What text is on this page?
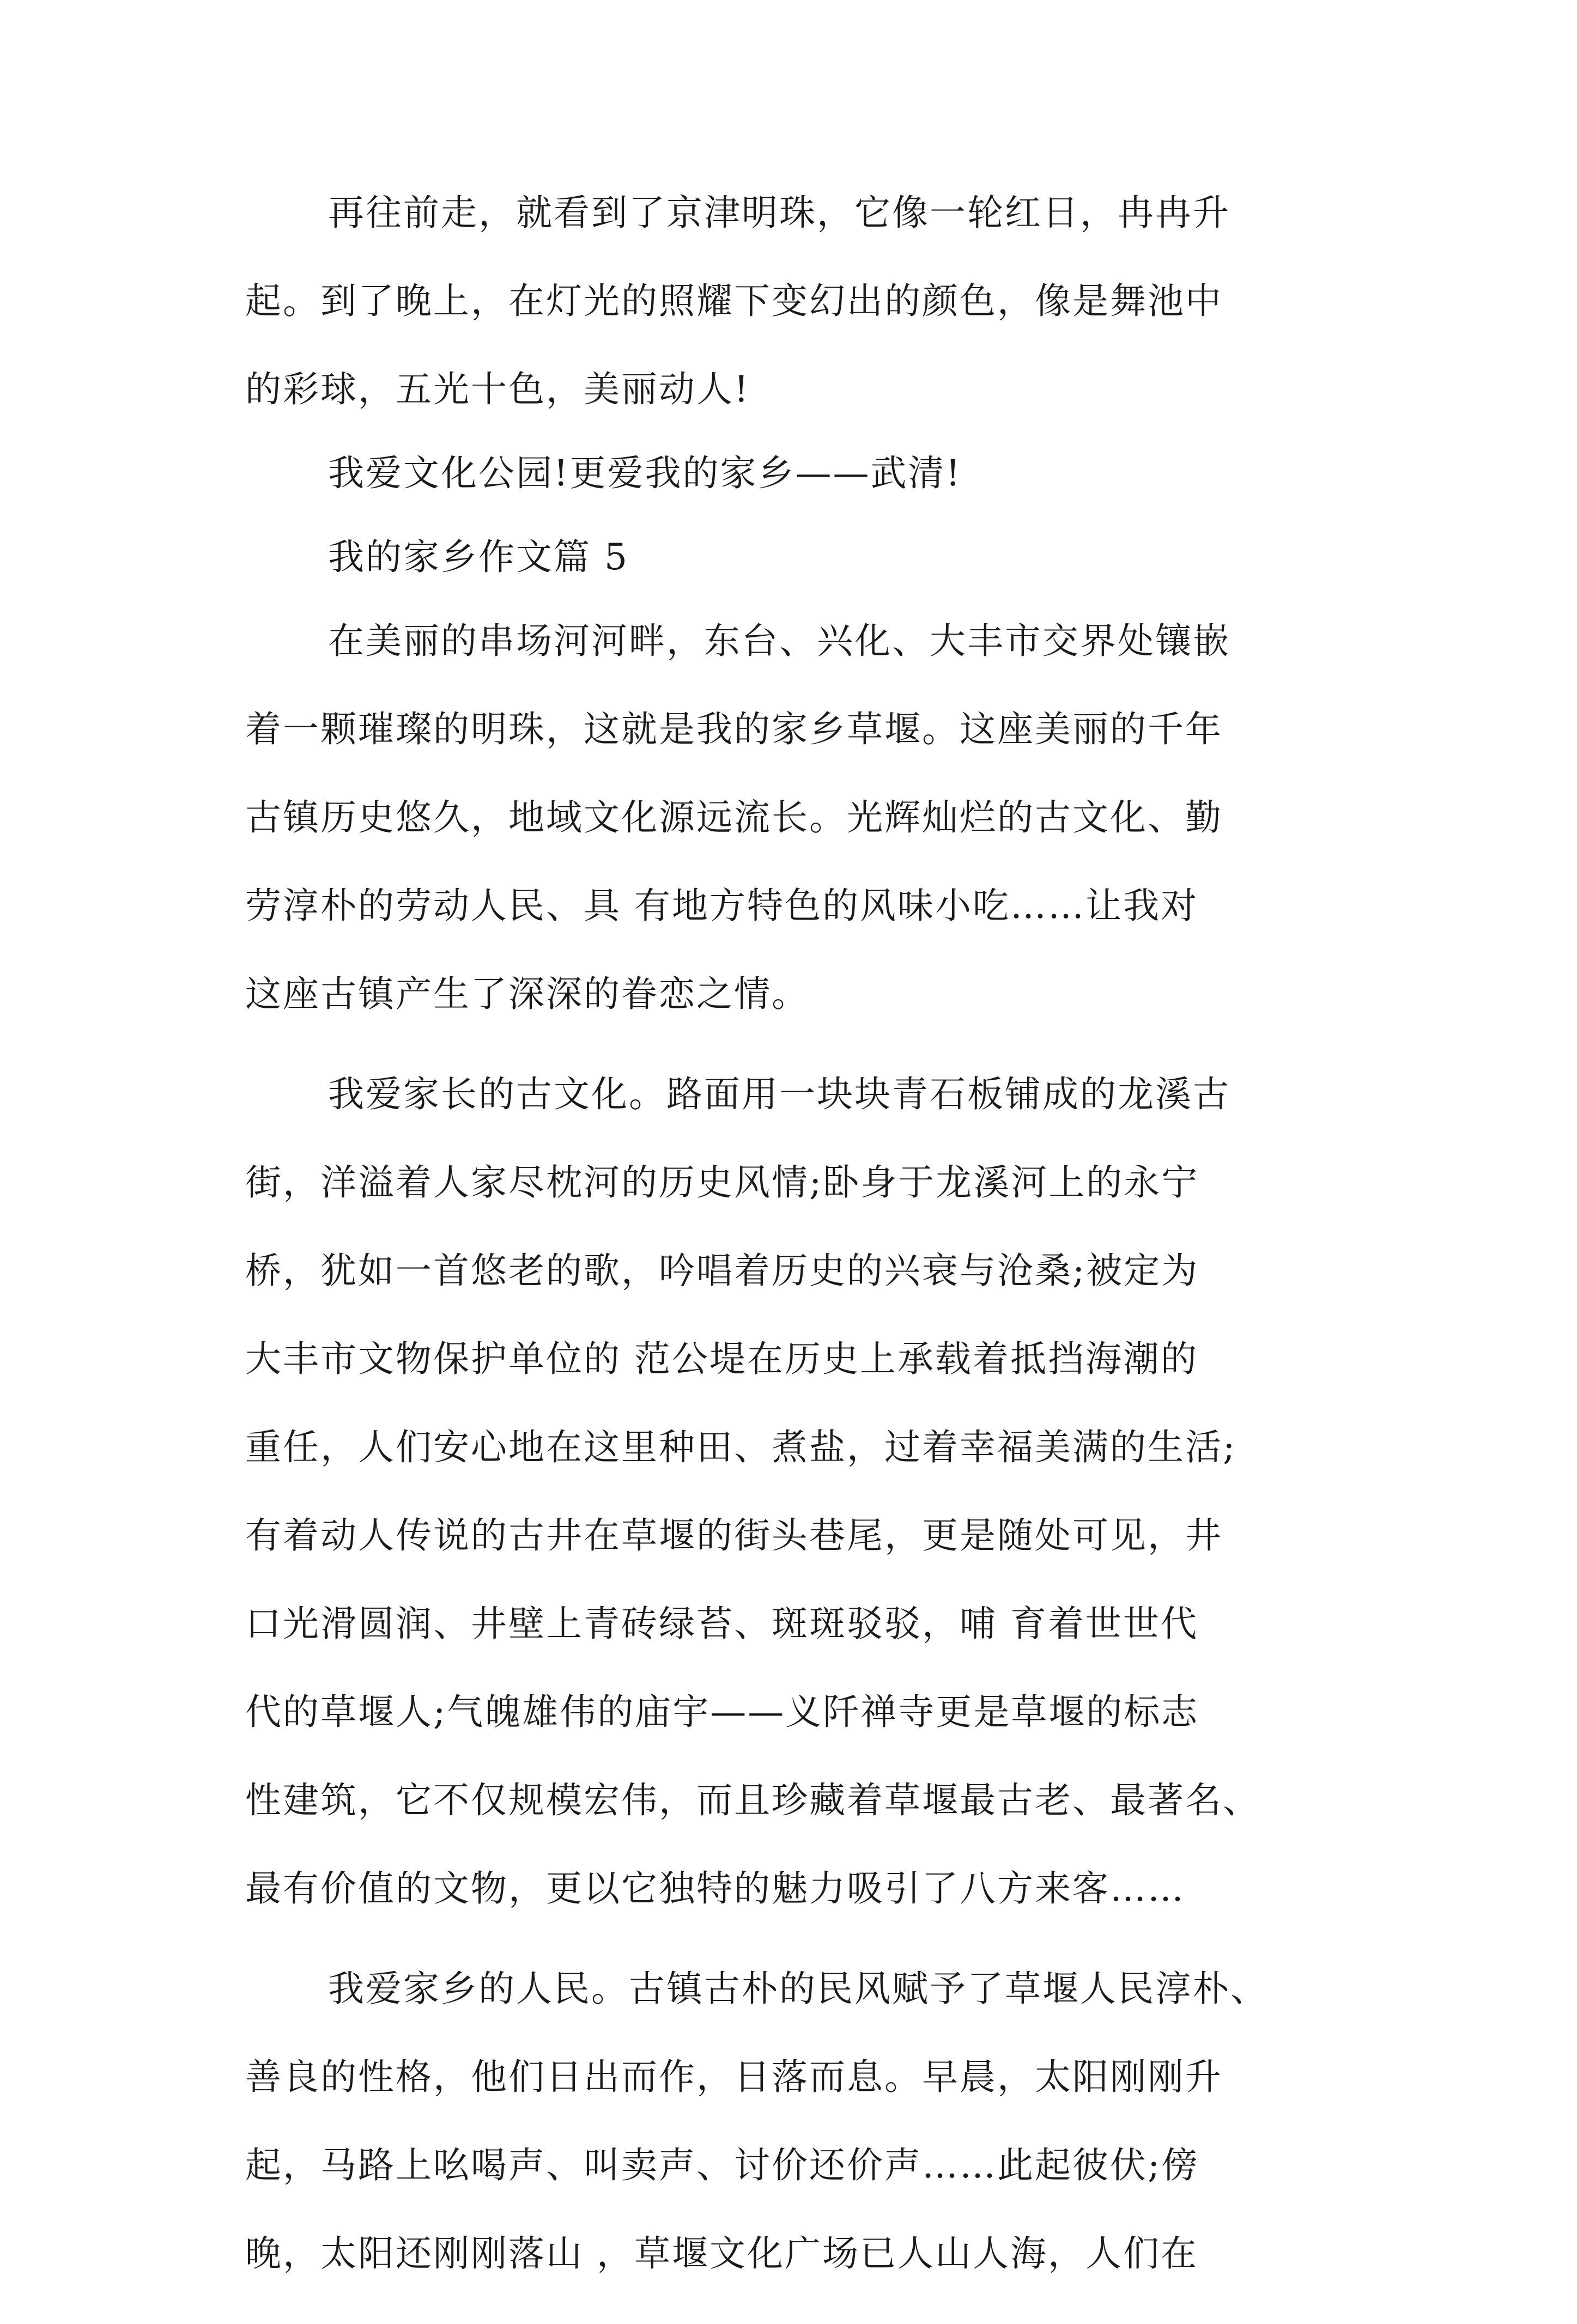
再往前走，就看到了京津明珠，它像一轮红日，冉冉升
起。到了晚上，在灯光的照耀下变幻出的颜色，像是舞池中
的彩球，五光十色，美丽动人!
我爱文化公园!更爱我的家乡——武清!
我的家乡作文篇 5
在美丽的串场河河畔，东台、兴化、大丰市交界处镶嵌
着一颗璀璨的明珠，这就是我的家乡草堰。这座美丽的千年
古镇历史悠久，地域文化源远流长。光辉灿烂的古文化、勤
劳淳朴的劳动人民、具 有地方特色的风味小吃……让我对
这座古镇产生了深深的眷恋之情。
我爱家长的古文化。路面用一块块青石板铺成的龙溪古
街，洋溢着人家尽枕河的历史风情;卧身于龙溪河上的永宁
桥，犹如一首悠老的歌，吟唱着历史的兴衰与沧桑;被定为
大丰市文物保护单位的 范公堤在历史上承载着抵挡海潮的
重任，人们安心地在这里种田、煮盐，过着幸福美满的生活;
有着动人传说的古井在草堰的街头巷尾，更是随处可见，井
口光滑圆润、井壁上青砖绿苔、斑斑驳驳，哺 育着世世代
代的草堰人;气魄雄伟的庙宇——义阡禅寺更是草堰的标志
性建筑，它不仅规模宏伟，而且珍藏着草堰最古老、最著名、
最有价值的文物，更以它独特的魅力吸引了八方来客……
我爱家乡的人民。古镇古朴的民风赋予了草堰人民淳朴、
善良的性格，他们日出而作，日落而息。早晨，太阳刚刚升
起，马路上吆喝声、叫卖声、讨价还价声……此起彼伏;傍
晚，太阳还刚刚落山 ，草堰文化广场已人山人海，人们在
